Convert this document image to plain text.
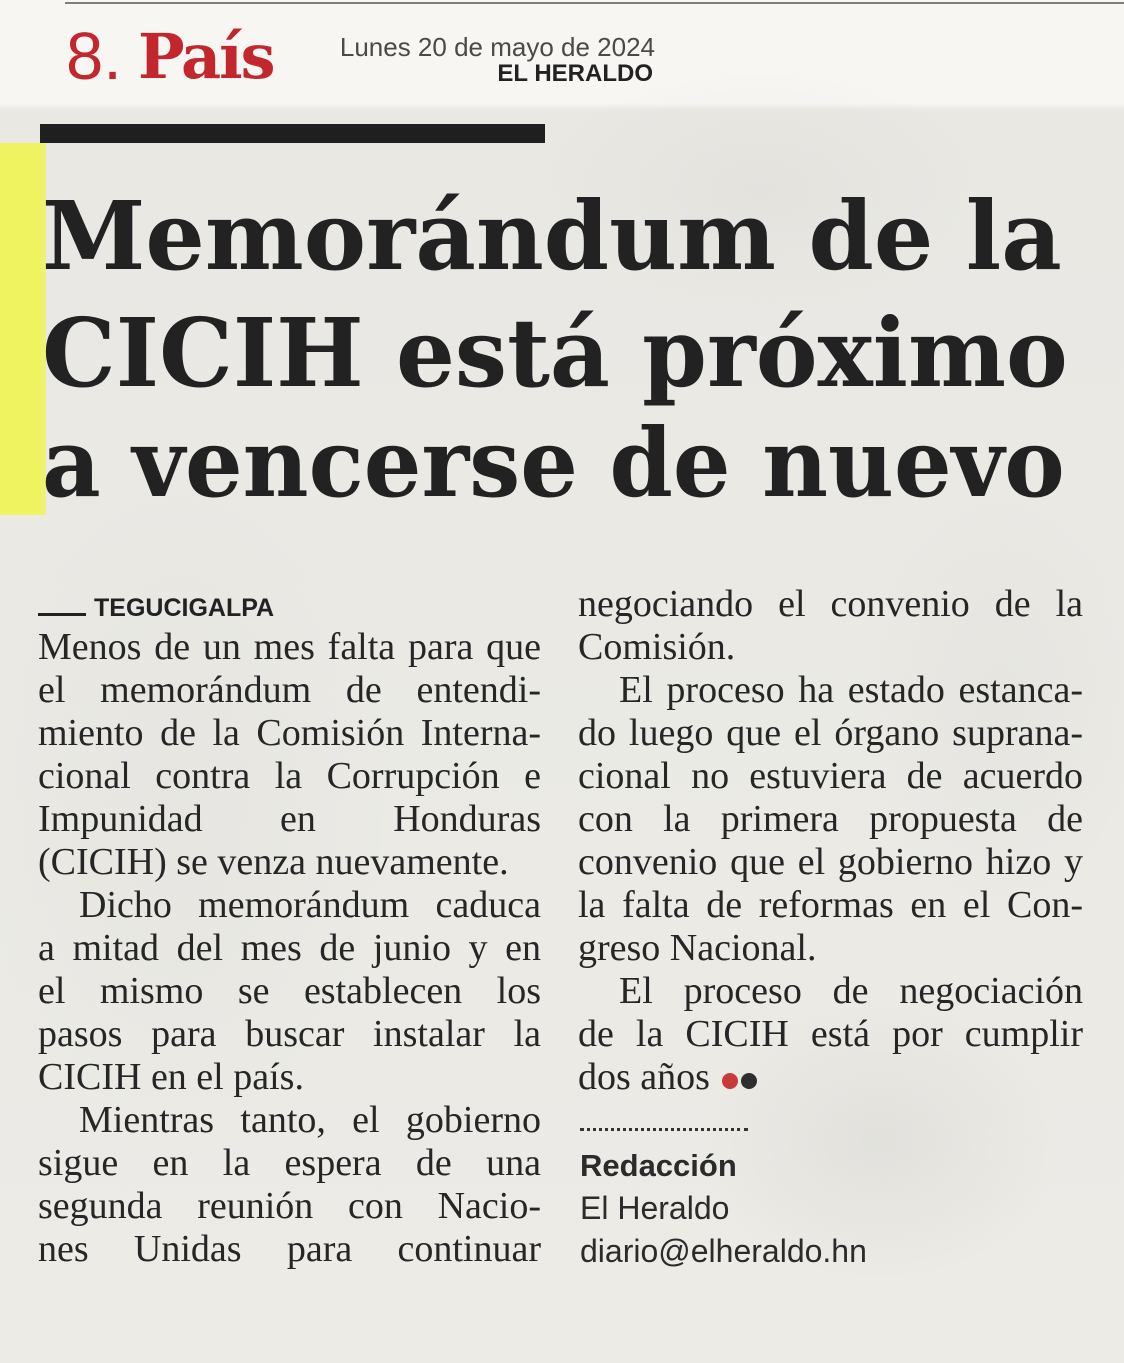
8. País	Lunes 20 de mayo de 2024
EL HERALDO
Memorándum de la
CICIH está próximo
a vencerse de nuevo
TEGUCIGALPA
Menos de un mes falta para que
el memorándum de entendi-
miento de la Comisión Interna-
cional contra la Corrupción e
Impunidad en Honduras
(CICIH) se venza nuevamente.
Dicho memorándum caduca
a mitad del mes de junio y en
el mismo se establecen los
pasos para buscar instalar la
CICIH en el país.
Mientras tanto, el gobierno
sigue en la espera de una
segunda reunión con Nacio-
nes Unidas para continuar
negociando el convenio de la
Comisión.
El proceso ha estado estanca-
do luego que el órgano suprana-
cional no estuviera de acuerdo
con la primera propuesta de
convenio que el gobierno hizo y
la falta de reformas en el Con-
greso Nacional.
El proceso de negociación
de la CICIH está por cumplir
dos años
Redacción
El Heraldo
diario@elheraldo.hn
